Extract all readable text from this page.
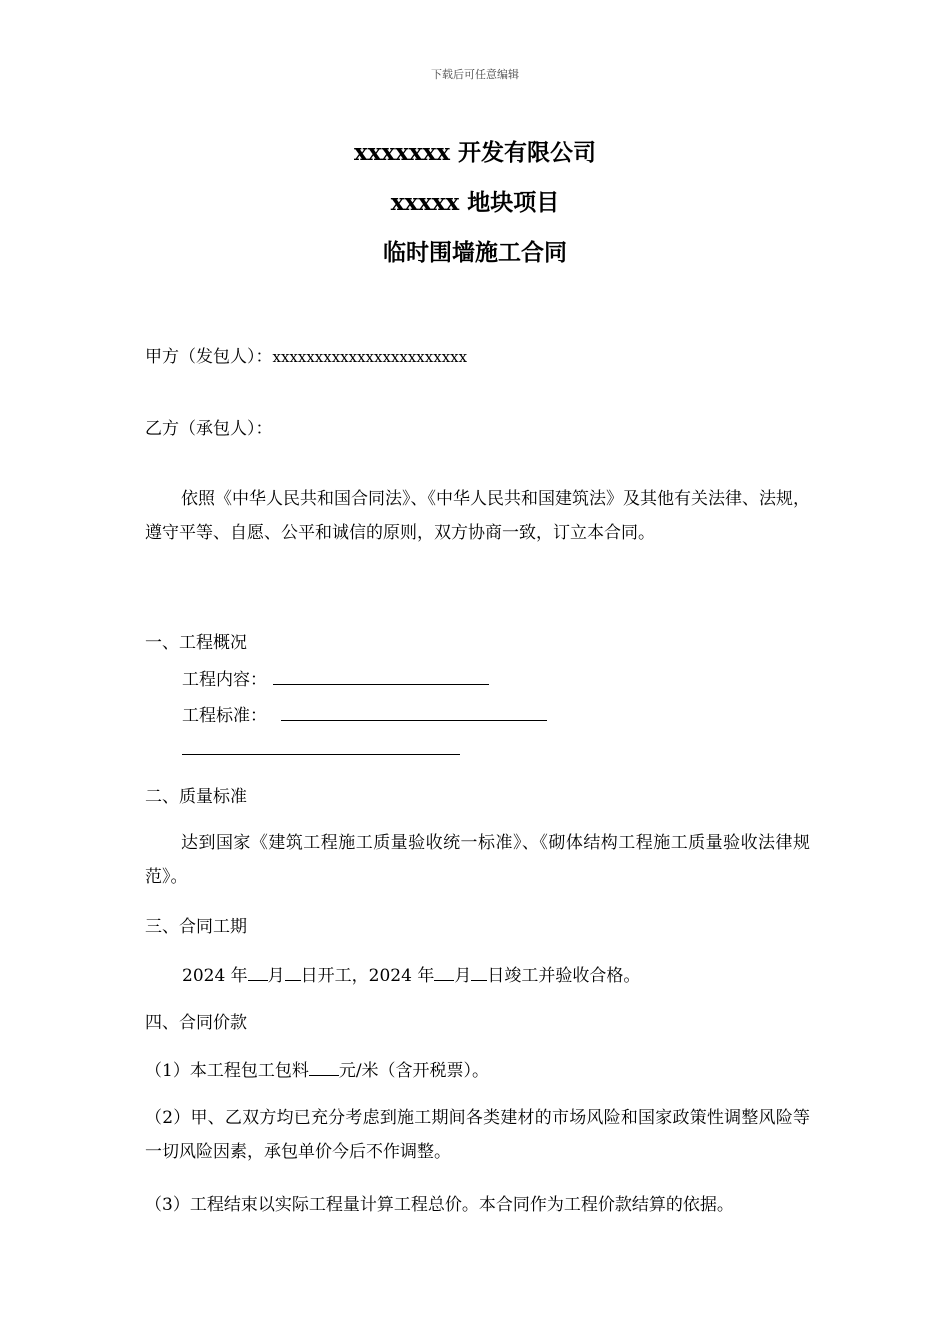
下载后可任意编辑
xxxxxxx 开发有限公司
xxxxx 地块项目
临时围墙施工合同
甲方（发包人）：xxxxxxxxxxxxxxxxxxxxxxx
乙方（承包人）：
依照《中华人民共和国合同法》、《中华人民共和国建筑法》及其他有关法律、法规，遵守平等、自愿、公平和诚信的原则，双方协商一致，订立本合同。
一、工程概况
工程内容：
工程标准：
二、质量标准
达到国家《建筑工程施工质量验收统一标准》、《砌体结构工程施工质量验收法律规范》。
三、合同工期
2024 年 月 日开工，2024 年 月 日竣工并验收合格。
四、合同价款
（1）本工程包工包料 元/米（含开税票）。
（2）甲、乙双方均已充分考虑到施工期间各类建材的市场风险和国家政策性调整风险等一切风险因素，承包单价今后不作调整。
（3）工程结束以实际工程量计算工程总价。本合同作为工程价款结算的依据。
